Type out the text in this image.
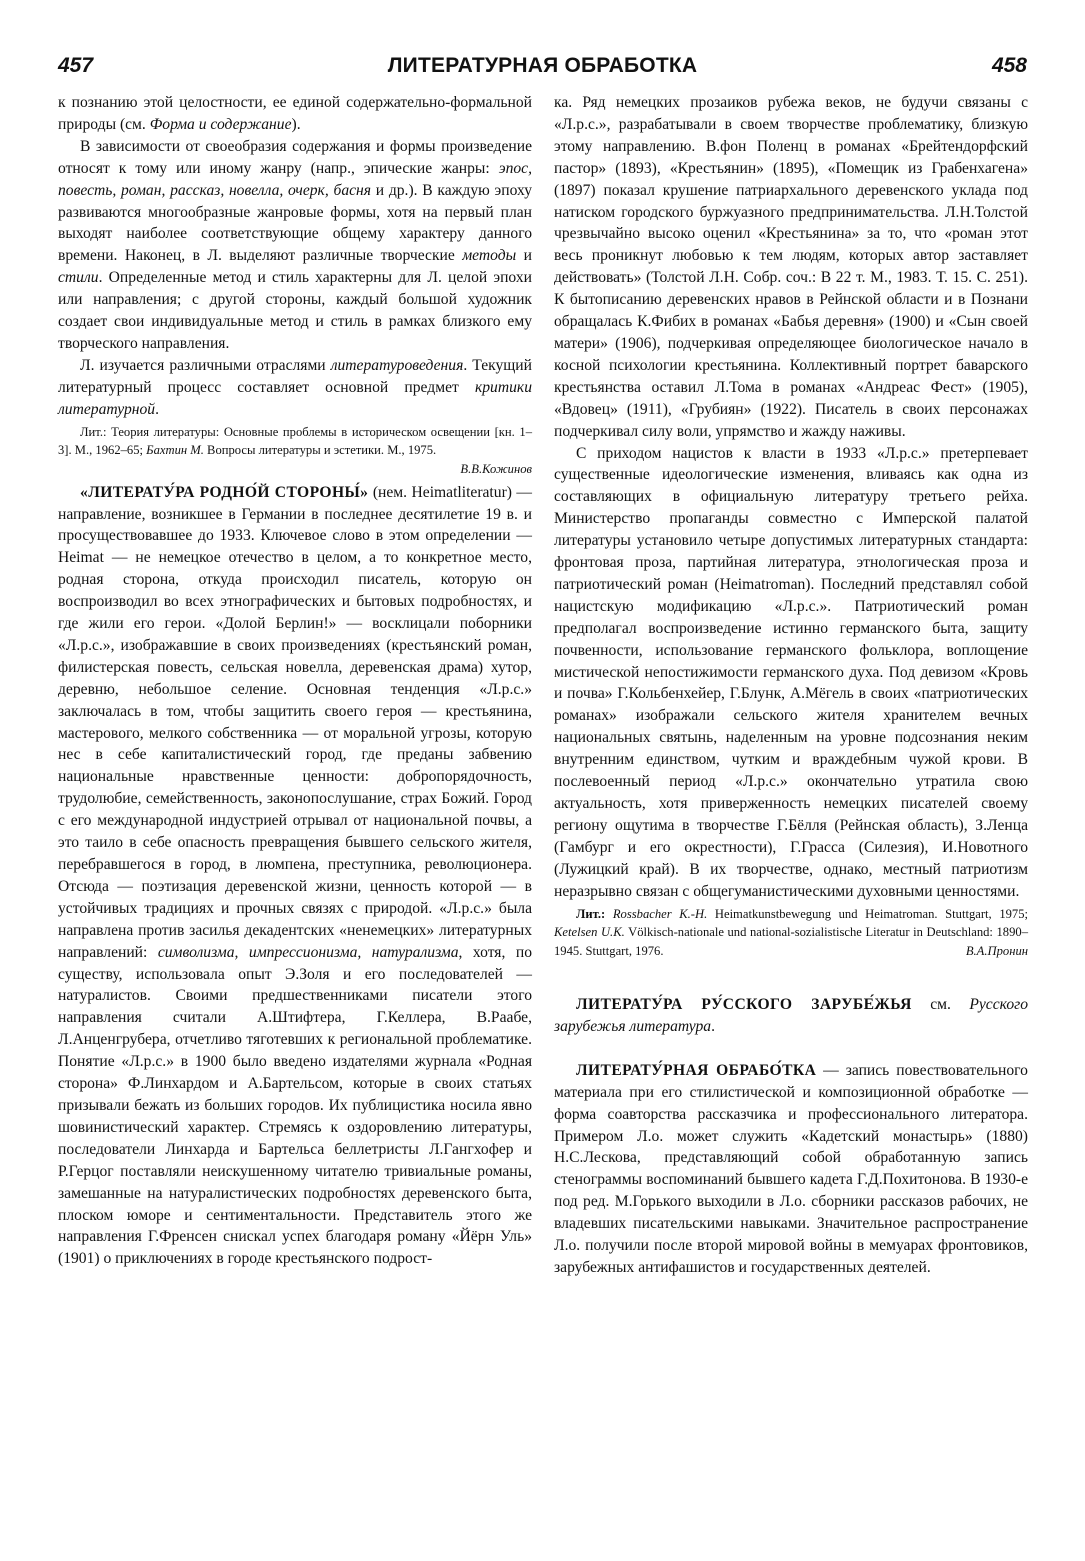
457	ЛИТЕРАТУРНАЯ ОБРАБОТКА	458

к познанию этой целостности, ее единой содержательно-формальной природы (см. Форма и содержание).

В зависимости от своеобразия содержания и формы произведение относят к тому или иному жанру (напр., эпические жанры: эпос, повесть, роман, рассказ, новелла, очерк, басня и др.). В каждую эпоху развиваются многообразные жанровые формы, хотя на первый план выходят наиболее соответствующие общему характеру данного времени. Наконец, в Л. выделяют различные творческие методы и стили. Определенные метод и стиль характерны для Л. целой эпохи или направления; с другой стороны, каждый большой художник создает свои индивидуальные метод и стиль в рамках близкого ему творческого направления.

Л. изучается различными отраслями литературоведения. Текущий литературный процесс составляет основной предмет критики литературной.

Лит.: Теория литературы: Основные проблемы в историческом освещении [кн. 1–3]. М., 1962–65; Бахтин М. Вопросы литературы и эстетики. М., 1975.
В.В.Кожинов

«ЛИТЕРАТУ́РА РОДНО́Й СТОРОНЫ́» (нем. Heimatliteratur) — направление, возникшее в Германии в последнее десятилетие 19 в. и просуществовавшее до 1933. Ключевое слово в этом определении — Heimat — не немецкое отечество в целом, а то конкретное место, родная сторона, откуда происходил писатель, которую он воспроизводил во всех этнографических и бытовых подробностях, и где жили его герои. «Долой Берлин!» — восклицали поборники «Л.р.с.», изображавшие в своих произведениях (крестьянский роман, филистерская повесть, сельская новелла, деревенская драма) хутор, деревню, небольшое селение. Основная тенденция «Л.р.с.» заключалась в том, чтобы защитить своего героя — крестьянина, мастерового, мелкого собственника — от моральной угрозы, которую нес в себе капиталистический город, где преданы забвению национальные нравственные ценности: добропорядочность, трудолюбие, семейственность, законопослушание, страх Божий. Город с его международной индустрией отрывал от национальной почвы, а это таило в себе опасность превращения бывшего сельского жителя, перебравшегося в город, в люмпена, преступника, революционера. Отсюда — поэтизация деревенской жизни, ценность которой — в устойчивых традициях и прочных связях с природой. «Л.р.с.» была направлена против засилья декадентских «ненемецких» литературных направлений: символизма, импрессионизма, натурализма, хотя, по существу, использовала опыт Э.Золя и его последователей — натуралистов. Своими предшественниками писатели этого направления считали А.Штифтера, Г.Келлера, В.Раабе, Л.Анценгрубера, отчетливо тяготевших к региональной проблематике. Понятие «Л.р.с.» в 1900 было введено издателями журнала «Родная сторона» Ф.Линхардом и А.Бартельсом, которые в своих статьях призывали бежать из больших городов. Их публицистика носила явно шовинистический характер. Стремясь к оздоровлению литературы, последователи Линхарда и Бартельса беллетристы Л.Гангхофер и Р.Герцог поставляли неискушенному читателю тривиальные романы, замешанные на натуралистических подробностях деревенского быта, плоском юморе и сентиментальности. Представитель этого же направления Г.Френсен снискал успех благодаря роману «Йёрн Уль» (1901) о приключениях в городе крестьянского подрост-

ка. Ряд немецких прозаиков рубежа веков, не будучи связаны с «Л.р.с.», разрабатывали в своем творчестве проблематику, близкую этому направлению. В.фон Поленц в романах «Брейтендорфский пастор» (1893), «Крестьянин» (1895), «Помещик из Грабенхагена» (1897) показал крушение патриархального деревенского уклада под натиском городского буржуазного предпринимательства. Л.Н.Толстой чрезвычайно высоко оценил «Крестьянина» за то, что «роман этот весь проникнут любовью к тем людям, которых автор заставляет действовать» (Толстой Л.Н. Собр. соч.: В 22 т. М., 1983. Т. 15. С. 251). К бытописанию деревенских нравов в Рейнской области и в Познани обращалась К.Фибих в романах «Бабья деревня» (1900) и «Сын своей матери» (1906), подчеркивая определяющее биологическое начало в косной психологии крестьянина. Коллективный портрет баварского крестьянства оставил Л.Тома в романах «Андреас Фест» (1905), «Вдовец» (1911), «Грубиян» (1922). Писатель в своих персонажах подчеркивал силу воли, упрямство и жажду наживы.

С приходом нацистов к власти в 1933 «Л.р.с.» претерпевает существенные идеологические изменения, вливаясь как одна из составляющих в официальную литературу третьего рейха. Министерство пропаганды совместно с Имперской палатой литературы установило четыре допустимых литературных стандарта: фронтовая проза, партийная литература, этнологическая проза и патриотический роман (Heimatroman). Последний представлял собой нацистскую модификацию «Л.р.с.». Патриотический роман предполагал воспроизведение истинно германского быта, защиту почвенности, использование германского фольклора, воплощение мистической непостижимости германского духа. Под девизом «Кровь и почва» Г.Кольбенхейер, Г.Блунк, А.Мёгель в своих «патриотических романах» изображали сельского жителя хранителем вечных национальных святынь, наделенным на уровне подсознания неким внутренним единством, чутким и враждебным чужой крови. В послевоенный период «Л.р.с.» окончательно утратила свою актуальность, хотя приверженность немецких писателей своему региону ощутима в творчестве Г.Бёлля (Рейнская область), З.Ленца (Гамбург и его окрестности), Г.Грасса (Силезия), И.Новотного (Лужицкий край). В их творчестве, однако, местный патриотизм неразрывно связан с общегуманистическими духовными ценностями.

Лит.: Rossbacher K.-H. Heimatkunstbewegung und Heimatroman. Stuttgart, 1975; Ketelsen U.K. Völkisch-nationale und national-sozialistische Literatur in Deutschland: 1890–1945. Stuttgart, 1976.	В.А.Пронин

ЛИТЕРАТУ́РА РУ́ССКОГО ЗАРУБЕ́ЖЬЯ см. Русского зарубежья литература.

ЛИТЕРАТУ́РНАЯ ОБРАБО́ТКА — запись повествовательного материала при его стилистической и композиционной обработке — форма соавторства рассказчика и профессионального литератора. Примером Л.о. может служить «Кадетский монастырь» (1880) Н.С.Лескова, представляющий собой обработанную запись стенограммы воспоминаний бывшего кадета Г.Д.Похитонова. В 1930-е под ред. М.Горького выходили в Л.о. сборники рассказов рабочих, не владевших писательскими навыками. Значительное распространение Л.о. получили после второй мировой войны в мемуарах фронтовиков, зарубежных антифашистов и государственных деятелей.
